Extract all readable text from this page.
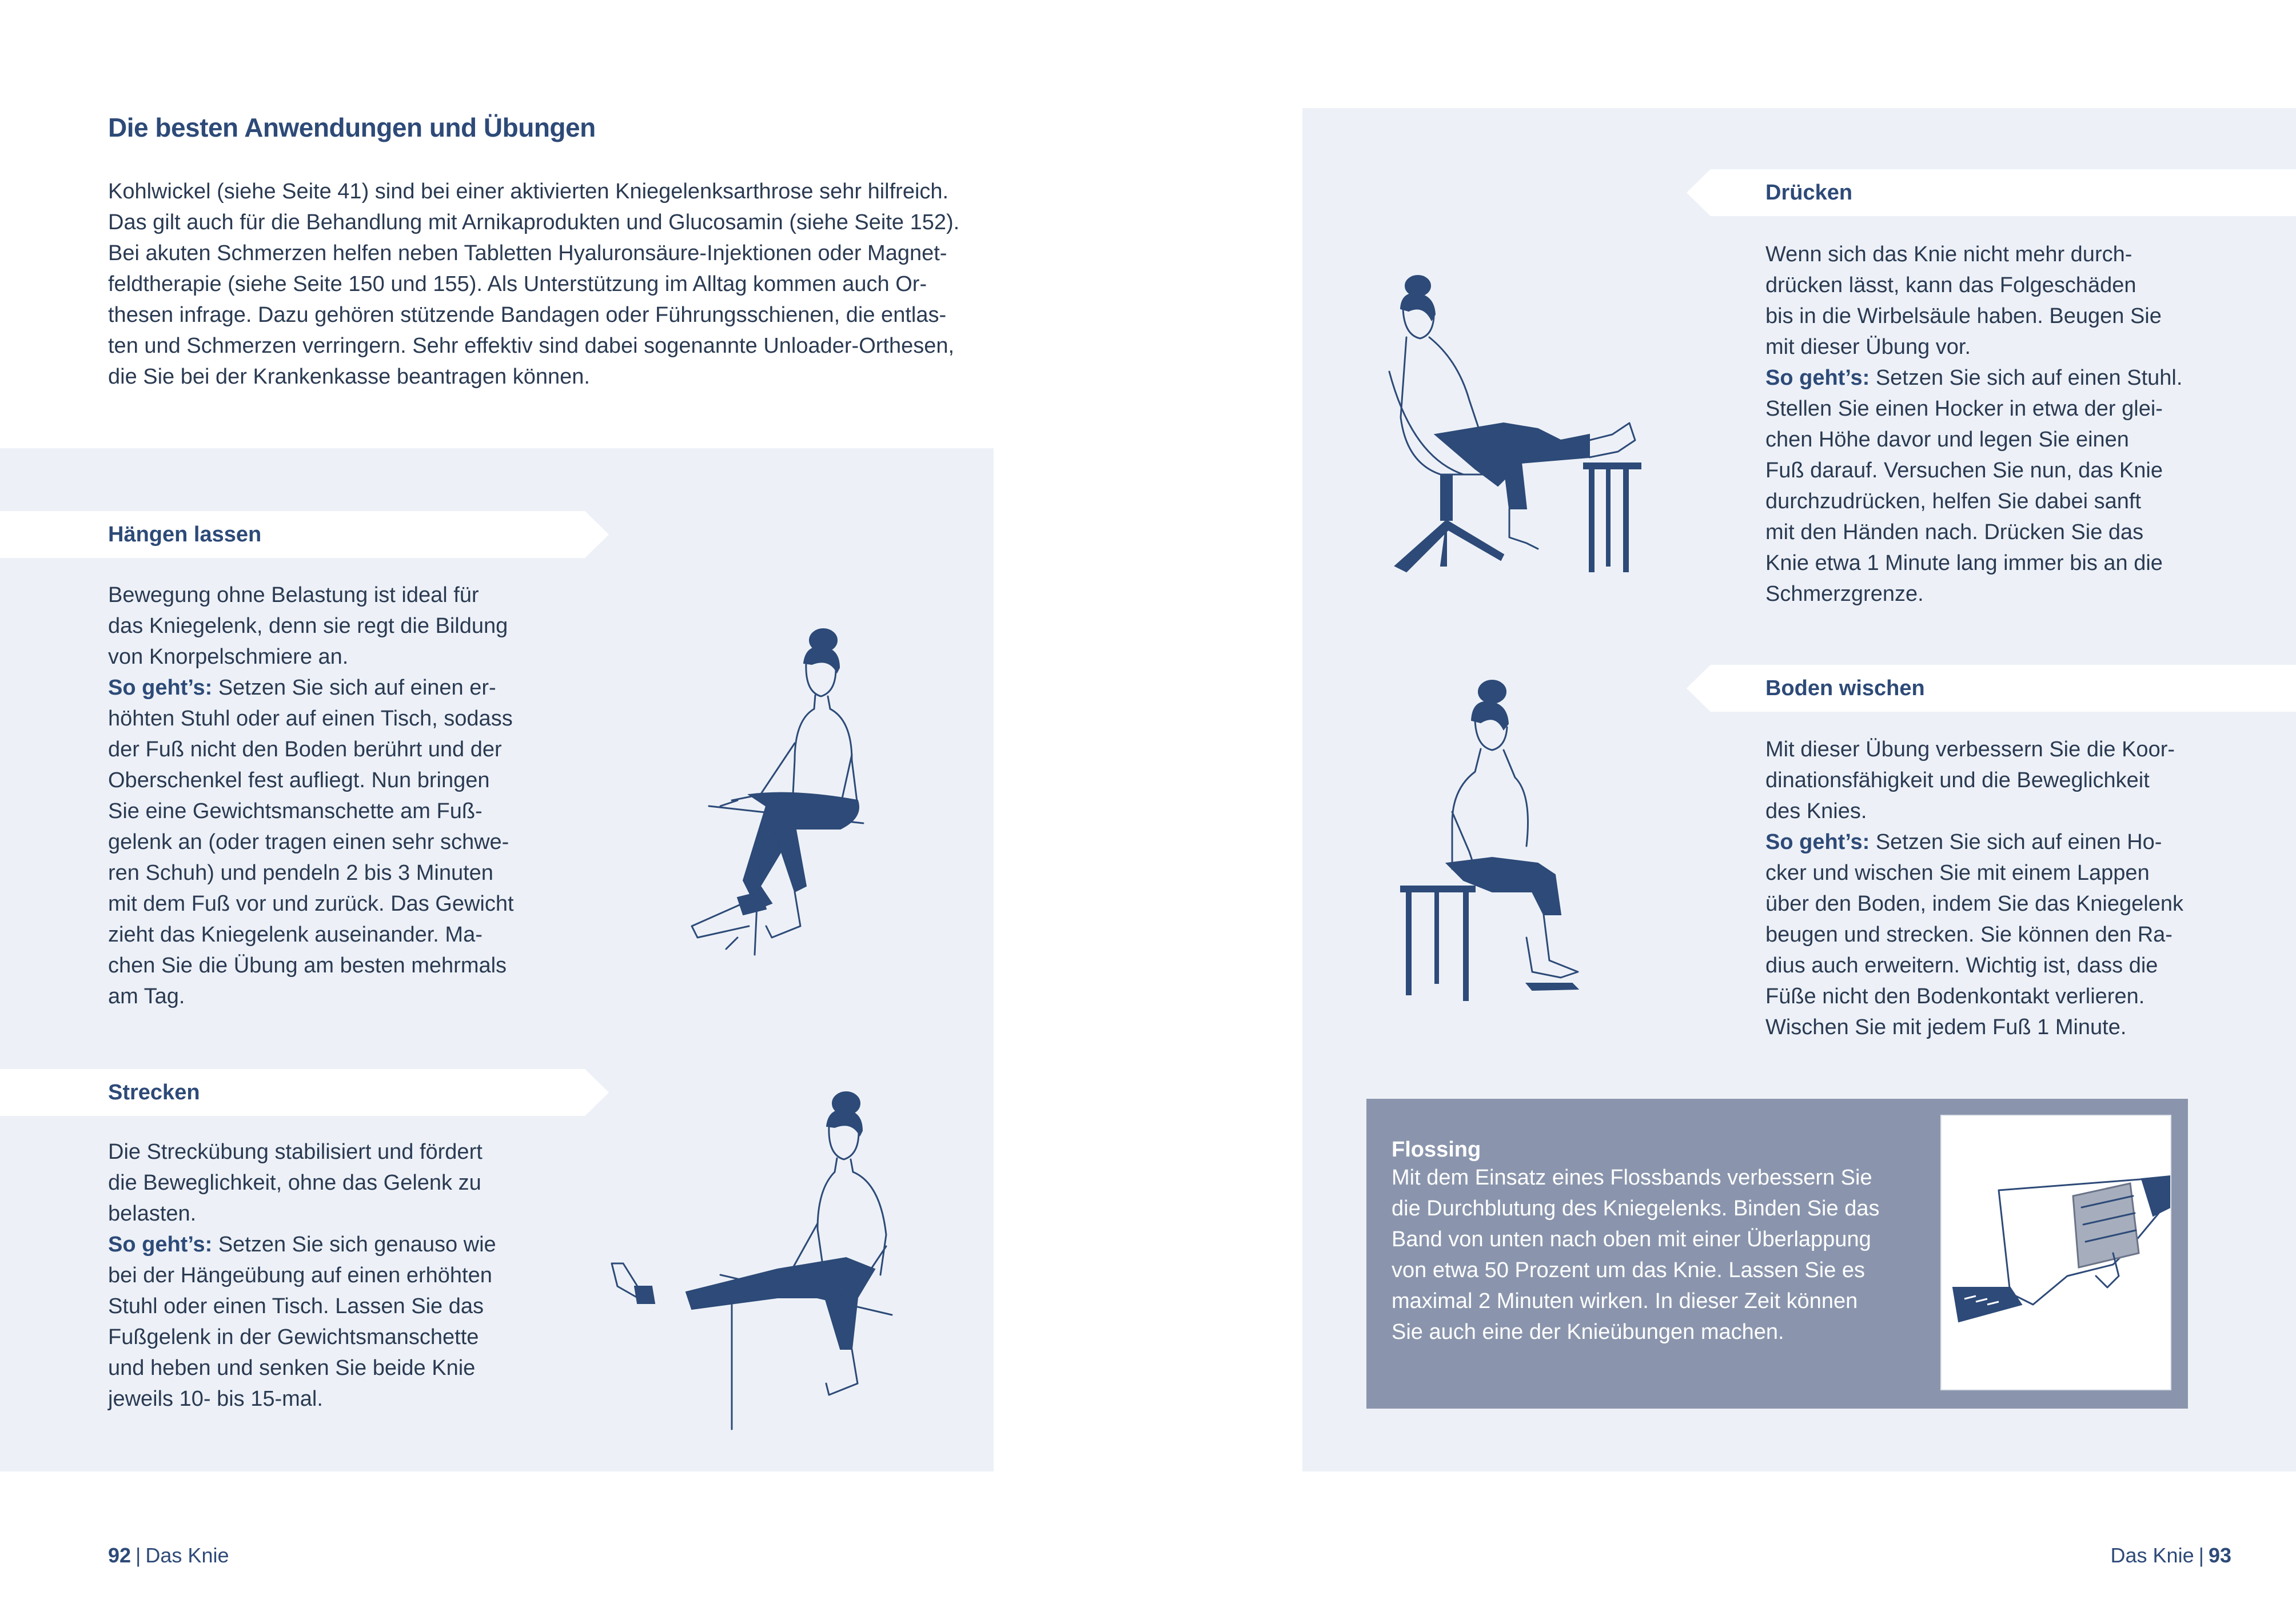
Die besten Anwendungen und Übungen

Kohlwickel (siehe Seite 41) sind bei einer aktivierten Kniegelenksarthrose sehr hilfreich.
Das gilt auch für die Behandlung mit Arnikaprodukten und Glucosamin (siehe Seite 152).
Bei akuten Schmerzen helfen neben Tabletten Hyaluronsäure-Injektionen oder Magnet-
feldtherapie (siehe Seite 150 und 155). Als Unterstützung im Alltag kommen auch Or-
thesen infrage. Dazu gehören stützende Bandagen oder Führungsschienen, die entlas-
ten und Schmerzen verringern. Sehr effektiv sind dabei sogenannte Unloader-Orthesen,
die Sie bei der Krankenkasse beantragen können.

Hängen lassen

Bewegung ohne Belastung ist ideal für
das Kniegelenk, denn sie regt die Bildung
von Knorpelschmiere an.
So geht’s: Setzen Sie sich auf einen er-
höhten Stuhl oder auf einen Tisch, sodass
der Fuß nicht den Boden berührt und der
Oberschenkel fest aufliegt. Nun bringen
Sie eine Gewichtsmanschette am Fuß-
gelenk an (oder tragen einen sehr schwe-
ren Schuh) und pendeln 2 bis 3 Minuten
mit dem Fuß vor und zurück. Das Gewicht
zieht das Kniegelenk auseinander. Ma-
chen Sie die Übung am besten mehrmals
am Tag.

Strecken

Die Streckübung stabilisiert und fördert
die Beweglichkeit, ohne das Gelenk zu
belasten.
So geht’s: Setzen Sie sich genauso wie
bei der Hängeübung auf einen erhöhten
Stuhl oder einen Tisch. Lassen Sie das
Fußgelenk in der Gewichtsmanschette
und heben und senken Sie beide Knie
jeweils 10- bis 15-mal.

Drücken

Wenn sich das Knie nicht mehr durch-
drücken lässt, kann das Folgeschäden
bis in die Wirbelsäule haben. Beugen Sie
mit dieser Übung vor.
So geht’s: Setzen Sie sich auf einen Stuhl.
Stellen Sie einen Hocker in etwa der glei-
chen Höhe davor und legen Sie einen
Fuß darauf. Versuchen Sie nun, das Knie
durchzudrücken, helfen Sie dabei sanft
mit den Händen nach. Drücken Sie das
Knie etwa 1 Minute lang immer bis an die
Schmerzgrenze.

Boden wischen

Mit dieser Übung verbessern Sie die Koor-
dinationsfähigkeit und die Beweglichkeit
des Knies.
So geht’s: Setzen Sie sich auf einen Ho-
cker und wischen Sie mit einem Lappen
über den Boden, indem Sie das Kniegelenk
beugen und strecken. Sie können den Ra-
dius auch erweitern. Wichtig ist, dass die
Füße nicht den Bodenkontakt verlieren.
Wischen Sie mit jedem Fuß 1 Minute.

Flossing

Mit dem Einsatz eines Flossbands verbessern Sie
die Durchblutung des Kniegelenks. Binden Sie das
Band von unten nach oben mit einer Überlappung
von etwa 50 Prozent um das Knie. Lassen Sie es
maximal 2 Minuten wirken. In dieser Zeit können
Sie auch eine der Knieübungen machen.

92 | Das Knie	Das Knie | 93
